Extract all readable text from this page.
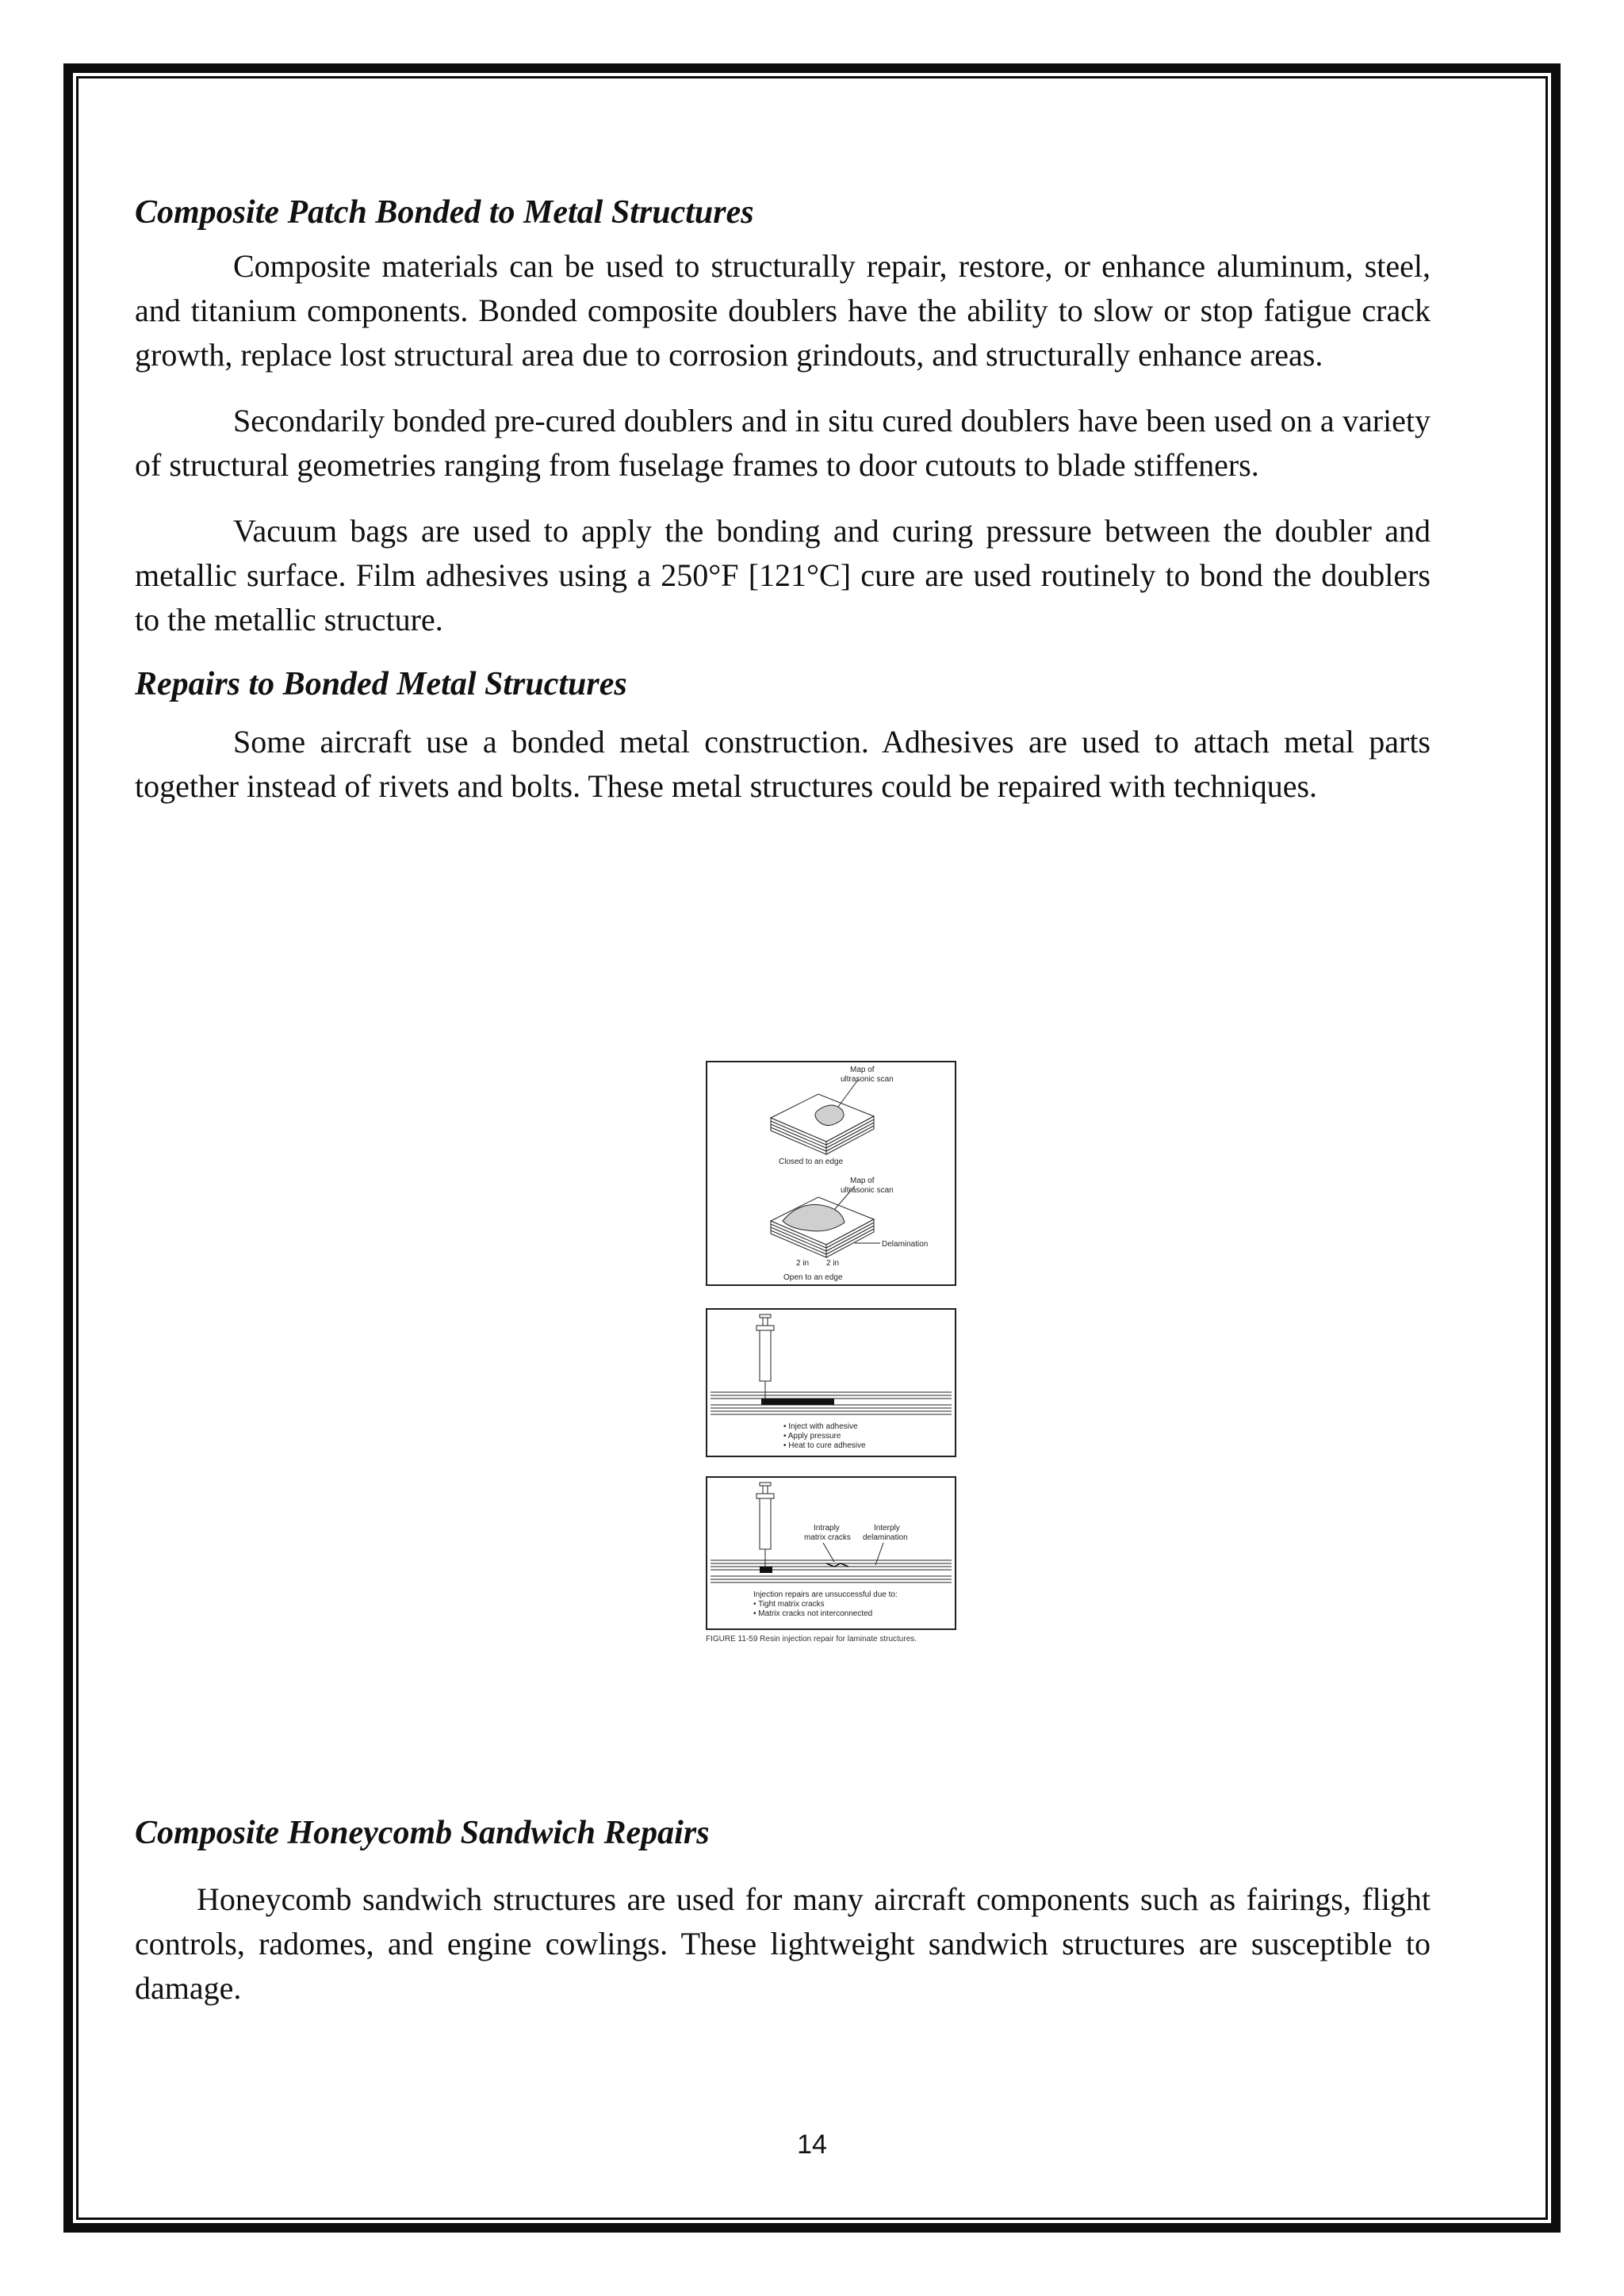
Composite Patch Bonded to Metal Structures

Composite materials can be used to structurally repair, restore, or enhance aluminum, steel, and titanium components. Bonded composite doublers have the ability to slow or stop fatigue crack growth, replace lost structural area due to corrosion grindouts, and structurally enhance areas.

Secondarily bonded pre-cured doublers and in situ cured doublers have been used on a variety of structural geometries ranging from fuselage frames to door cutouts to blade stiffeners.

Vacuum bags are used to apply the bonding and curing pressure between the doubler and metallic surface. Film adhesives using a 250°F [121°C] cure are used routinely to bond the doublers to the metallic structure.

Repairs to Bonded Metal Structures

Some aircraft use a bonded metal construction. Adhesives are used to attach metal parts together instead of rivets and bolts. These metal structures could be repaired with techniques.

Map of
ultrasonic scan
Closed to an edge
Map of
ultrasonic scan
Delamination
2 in 2 in
Open to an edge
• Inject with adhesive
• Apply pressure
• Heat to cure adhesive
Intraply
matrix cracks
Interply
delamination
Injection repairs are unsuccessful due to:
• Tight matrix cracks
• Matrix cracks not interconnected
FIGURE 11-59 Resin injection repair for laminate structures.

Composite Honeycomb Sandwich Repairs

Honeycomb sandwich structures are used for many aircraft components such as fairings, flight controls, radomes, and engine cowlings. These lightweight sandwich structures are susceptible to damage.

14
